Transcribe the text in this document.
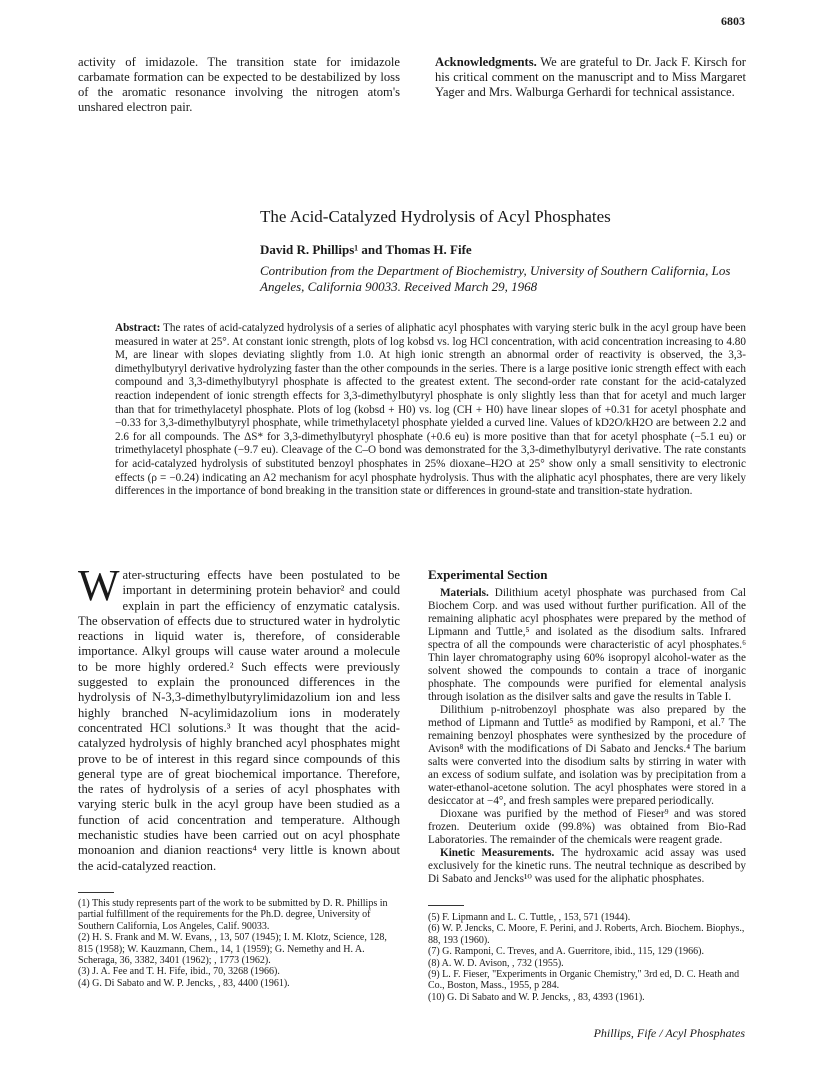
6803
activity of imidazole. The transition state for imidazole carbamate formation can be expected to be destabilized by loss of the aromatic resonance involving the nitrogen atom's unshared electron pair.
Acknowledgments. We are grateful to Dr. Jack F. Kirsch for his critical comment on the manuscript and to Miss Margaret Yager and Mrs. Walburga Gerhardi for technical assistance.
The Acid-Catalyzed Hydrolysis of Acyl Phosphates
David R. Phillips¹ and Thomas H. Fife
Contribution from the Department of Biochemistry, University of Southern California, Los Angeles, California 90033. Received March 29, 1968
Abstract: The rates of acid-catalyzed hydrolysis of a series of aliphatic acyl phosphates with varying steric bulk in the acyl group have been measured in water at 25°. At constant ionic strength, plots of log kobsd vs. log HCl concentration, with acid concentration increasing to 4.80 M, are linear with slopes deviating slightly from 1.0. At high ionic strength an abnormal order of reactivity is observed, the 3,3-dimethylbutyryl derivative hydrolyzing faster than the other compounds in the series. There is a large positive ionic strength effect with each compound and 3,3-dimethylbutyryl phosphate is affected to the greatest extent. The second-order rate constant for the acid-catalyzed reaction independent of ionic strength effects for 3,3-dimethylbutyryl phosphate is only slightly less than that for acetyl and much larger than that for trimethylacetyl phosphate. Plots of log (kobsd + H0) vs. log (CH + H0) have linear slopes of +0.31 for acetyl phosphate and −0.33 for 3,3-dimethylbutyryl phosphate, while trimethylacetyl phosphate yielded a curved line. Values of kD2O/kH2O are between 2.2 and 2.6 for all compounds. The ΔS* for 3,3-dimethylbutyryl phosphate (+0.6 eu) is more positive than that for acetyl phosphate (−5.1 eu) or trimethylacetyl phosphate (−9.7 eu). Cleavage of the C–O bond was demonstrated for the 3,3-dimethylbutyryl derivative. The rate constants for acid-catalyzed hydrolysis of substituted benzoyl phosphates in 25% dioxane–H2O at 25° show only a small sensitivity to electronic effects (ρ = −0.24) indicating an A2 mechanism for acyl phosphate hydrolysis. Thus with the aliphatic acyl phosphates, there are very likely differences in the importance of bond breaking in the transition state or differences in ground-state and transition-state hydration.
W ater-structuring effects have been postulated to be important in determining protein behavior² and could explain in part the efficiency of enzymatic catalysis. The observation of effects due to structured water in hydrolytic reactions in liquid water is, therefore, of considerable importance. Alkyl groups will cause water around a molecule to be more highly ordered.² Such effects were previously suggested to explain the pronounced differences in the hydrolysis of N-3,3-dimethylbutyrylimidazolium ion and less highly branched N-acylimidazolium ions in moderately concentrated HCl solutions.³ It was thought that the acid-catalyzed hydrolysis of highly branched acyl phosphates might prove to be of interest in this regard since compounds of this general type are of great biochemical importance. Therefore, the rates of hydrolysis of a series of acyl phosphates with varying steric bulk in the acyl group have been studied as a function of acid concentration and temperature. Although mechanistic studies have been carried out on acyl phosphate monoanion and dianion reactions⁴ very little is known about the acid-catalyzed reaction.
Experimental Section

Materials. Dilithium acetyl phosphate was purchased from Cal Biochem Corp. and was used without further purification. All of the remaining aliphatic acyl phosphates were prepared by the method of Lipmann and Tuttle,⁵ and isolated as the disodium salts. Infrared spectra of all the compounds were characteristic of acyl phosphates.⁶ Thin layer chromatography using 60% isopropyl alcohol-water as the solvent showed the compounds to contain a trace of inorganic phosphate. The compounds were purified for elemental analysis through isolation as the disilver salts and gave the results in Table I.

Dilithium p-nitrobenzoyl phosphate was also prepared by the method of Lipmann and Tuttle⁵ as modified by Ramponi, et al.⁷ The remaining benzoyl phosphates were synthesized by the procedure of Avison⁸ with the modifications of Di Sabato and Jencks.⁴ The barium salts were converted into the disodium salts by stirring in water with an excess of sodium sulfate, and isolation was by precipitation from a water-ethanol-acetone solution. The acyl phosphates were stored in a desiccator at −4°, and fresh samples were prepared periodically.

Dioxane was purified by the method of Fieser⁹ and was stored frozen. Deuterium oxide (99.8%) was obtained from Bio-Rad Laboratories. The remainder of the chemicals were reagent grade.

Kinetic Measurements. The hydroxamic acid assay was used exclusively for the kinetic runs. The neutral technique as described by Di Sabato and Jencks¹⁰ was used for the aliphatic phosphates.

(1) This study represents part of the work to be submitted by D. R. Phillips in partial fulfillment of the requirements for the Ph.D. degree, University of Southern California, Los Angeles, Calif. 90033.

(2) H. S. Frank and M. W. Evans, , 13, 507 (1945); I. M. Klotz, Science, 128, 815 (1958); W. Kauzmann, Chem., 14, 1 (1959); G. Nemethy and H. A. Scheraga, 36, 3382, 3401 (1962); , 1773 (1962).

(3) J. A. Fee and T. H. Fife, ibid., 70, 3268 (1966).

(4) G. Di Sabato and W. P. Jencks, , 83, 4400 (1961).

(5) F. Lipmann and L. C. Tuttle, , 153, 571 (1944).

(6) W. P. Jencks, C. Moore, F. Perini, and J. Roberts, Arch. Biochem. Biophys., 88, 193 (1960).

(7) G. Ramponi, C. Treves, and A. Guerritore, ibid., 115, 129 (1966).

(8) A. W. D. Avison, , 732 (1955).

(9) L. F. Fieser, "Experiments in Organic Chemistry," 3rd ed, D. C. Heath and Co., Boston, Mass., 1955, p 284.

(10) G. Di Sabato and W. P. Jencks, , 83, 4393 (1961).

Phillips, Fife / Acyl Phosphates
